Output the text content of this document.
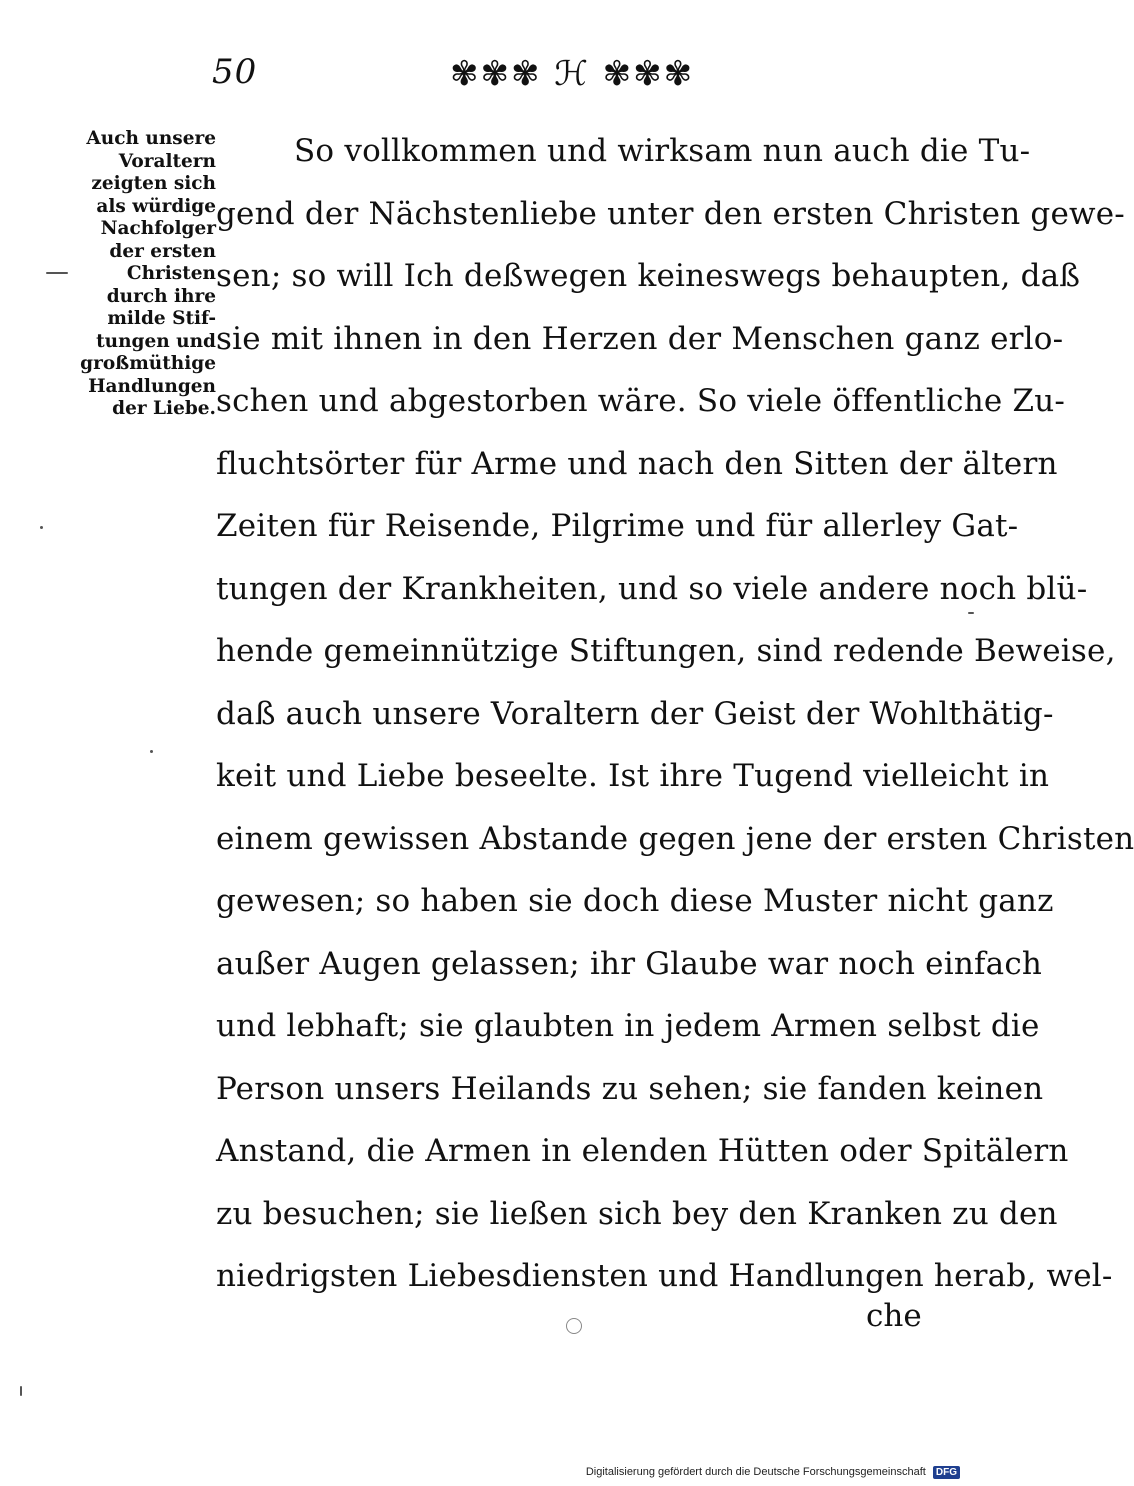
50	✾✾✾ ℋ ✾✾✾
Auch unsere
Voraltern
zeigten sich
als würdige
Nachfolger
der ersten
Christen
durch ihre
milde Stif-
tungen und
großmüthige
Handlungen
der Liebe.
So vollkommen und wirksam nun auch die Tu-
gend der Nächstenliebe unter den ersten Christen gewe-
sen; so will Ich deßwegen keineswegs behaupten, daß
sie mit ihnen in den Herzen der Menschen ganz erlo-
schen und abgestorben wäre. So viele öffentliche Zu-
fluchtsörter für Arme und nach den Sitten der ältern
Zeiten für Reisende, Pilgrime und für allerley Gat-
tungen der Krankheiten, und so viele andere noch blü-
hende gemeinnützige Stiftungen, sind redende Beweise,
daß auch unsere Voraltern der Geist der Wohlthätig-
keit und Liebe beseelte. Ist ihre Tugend vielleicht in
einem gewissen Abstande gegen jene der ersten Christen
gewesen; so haben sie doch diese Muster nicht ganz
außer Augen gelassen; ihr Glaube war noch einfach
und lebhaft; sie glaubten in jedem Armen selbst die
Person unsers Heilands zu sehen; sie fanden keinen
Anstand, die Armen in elenden Hütten oder Spitälern
zu besuchen; sie ließen sich bey den Kranken zu den
niedrigsten Liebesdiensten und Handlungen herab, wel-
che
Digitalisierung gefördert durch die Deutsche Forschungsgemeinschaft DFG
